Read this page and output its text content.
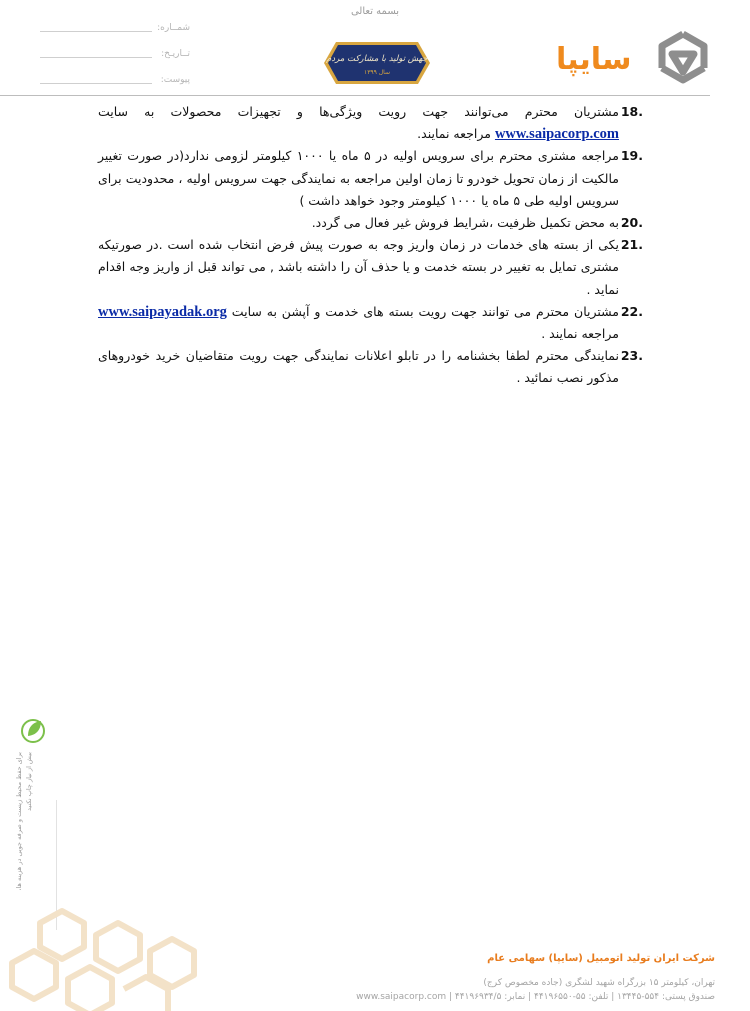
بسمه تعالی
شمــاره:
تــاریـخ:
پیوست:
جهش تولید با مشارکت مردم
سال ۱۳۹۹	سایپا
18.
مشتریان محترم می‌توانند جهت رویت ویژگی‌ها و تجهیزات محصولات به سایت www.saipacorp.com مراجعه نمایند.
19.
مراجعه مشتری محترم برای سرویس اولیه در ۵ ماه یا ۱۰۰۰ کیلومتر لزومی ندارد(در صورت تغییر مالکیت از زمان تحویل خودرو تا زمان اولین مراجعه به نمایندگی جهت سرویس اولیه ، محدودیت برای سرویس اولیه طی ۵ ماه یا ۱۰۰۰ کیلومتر وجود خواهد داشت )
20.
به محض تکمیل ظرفیت ،شرایط فروش غیر فعال می گردد.
21.
یکی از بسته های خدمات در زمان واریز وجه به صورت پیش فرض انتخاب شده است .در صورتیکه مشتری تمایل به تغییر در بسته خدمت و یا حذف آن را داشته باشد , می تواند قبل از واریز وجه اقدام نماید .
22.
مشتریان محترم می توانند جهت رویت بسته های خدمت و آپشن به سایت www.saipayadak.org مراجعه نمایند .
23.
نمایندگی محترم لطفا بخشنامه را در تابلو اعلانات نمایندگی جهت رویت متقاضیان خرید خودروهای مذکور نصب نمائید .
برای حفظ محیط زیست و صرفه جویی در هزینه ها، بیش از نیاز چاپ نکنید
شرکت ایران تولید اتومبیل (سایپا) سهامی عام
تهران، کیلومتر ۱۵ بزرگراه شهید لشگری (جاده مخصوص کرج)
صندوق پستی: ۵۵۴-۱۳۴۴۵ | تلفن: ۵۵-۴۴۱۹۶۵۵۰ | نمابر: ۴۴۱۹۶۹۳۴/۵ | www.saipacorp.com
